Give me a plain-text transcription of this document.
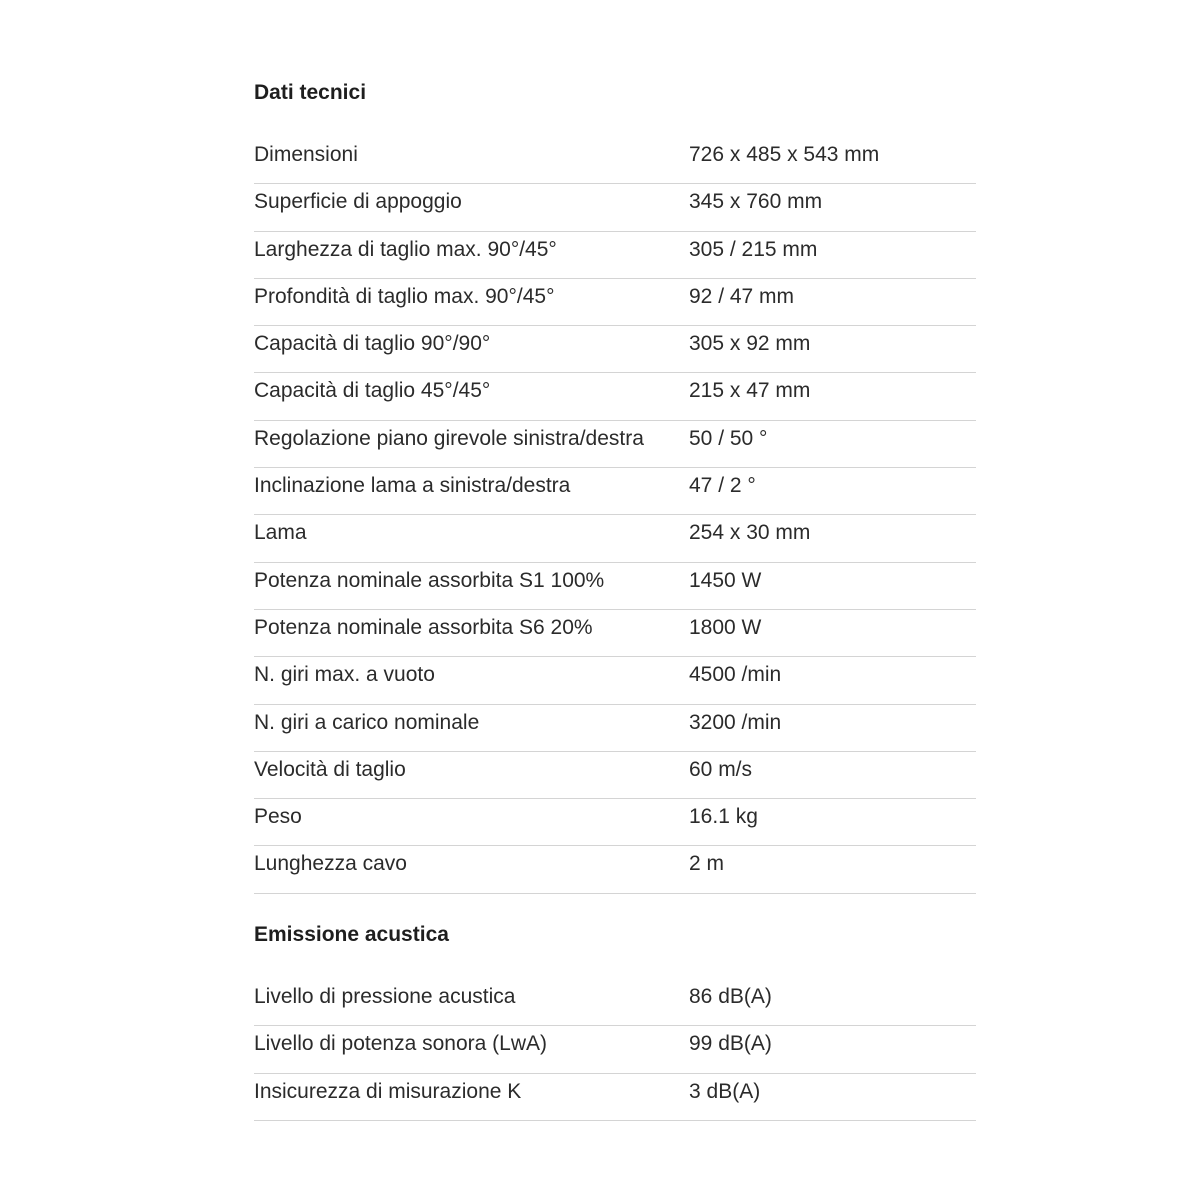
Dati tecnici
Dimensioni	726 x 485 x 543 mm
Superficie di appoggio	345 x 760 mm
Larghezza di taglio max. 90°/45°	305 / 215 mm
Profondità di taglio max. 90°/45°	92 / 47 mm
Capacità di taglio 90°/90°	305 x 92 mm
Capacità di taglio 45°/45°	215 x 47 mm
Regolazione piano girevole sinistra/destra 50 / 50 °
Inclinazione lama a sinistra/destra	47 / 2 °
Lama	254 x 30 mm
Potenza nominale assorbita S1 100%	1450 W
Potenza nominale assorbita S6 20%	1800 W
N. giri max. a vuoto	4500 /min
N. giri a carico nominale	3200 /min
Velocità di taglio	60 m/s
Peso	16.1 kg
Lunghezza cavo	2 m
Emissione acustica
Livello di pressione acustica	86 dB(A)
Livello di potenza sonora (LwA)	99 dB(A)
Insicurezza di misurazione K	3 dB(A)
